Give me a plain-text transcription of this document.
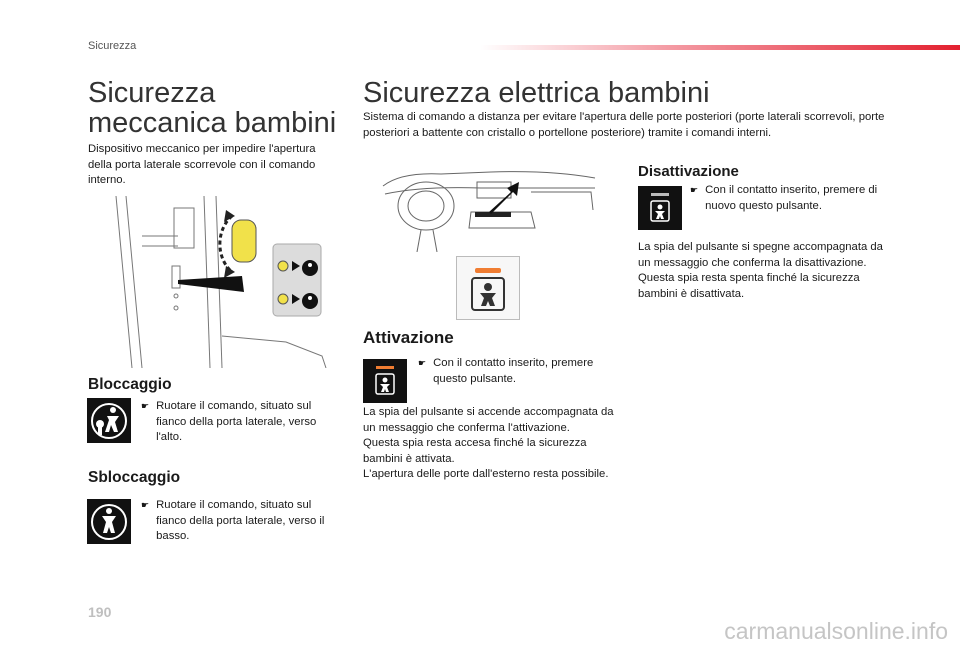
Sicurezza
Sicurezza
meccanica bambini
Dispositivo meccanico per impedire l'apertura della porta laterale scorrevole con il comando interno.
Bloccaggio
☛ Ruotare il comando, situato sul fianco della porta laterale, verso l'alto.
Sbloccaggio
☛ Ruotare il comando, situato sul fianco della porta laterale, verso il basso.
Sicurezza elettrica bambini
Sistema di comando a distanza per evitare l'apertura delle porte posteriori (porte laterali scorrevoli, porte posteriori a battente con cristallo o portellone posteriore) tramite i comandi interni.
Attivazione
☛ Con il contatto inserito, premere questo pulsante.
La spia del pulsante si accende accompagnata da un messaggio che conferma l'attivazione.
Questa spia resta accesa finché la sicurezza bambini è attivata.
L'apertura delle porte dall'esterno resta possibile.
Disattivazione
☛ Con il contatto inserito, premere di nuovo questo pulsante.
La spia del pulsante si spegne accompagnata da un messaggio che conferma la disattivazione.
Questa spia resta spenta finché la sicurezza bambini è disattivata.
190
carmanualsonline.info
